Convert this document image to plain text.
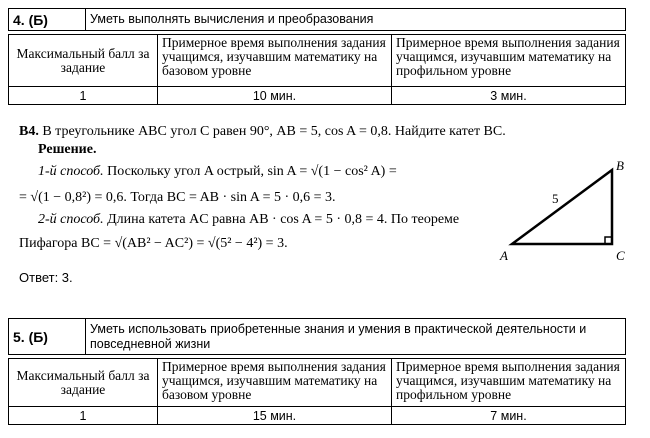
4. (Б)	Уметь выполнять вычисления и преобразования
Максимальный балл за задание	Примерное время выполнения задания учащимся, изучавшим математику на базовом уровне	Примерное время выполнения задания учащимся, изучавшим математику на профильном уровне
1	10 мин.	3 мин.
B4. В треугольнике ABC угол C равен 90°, AB = 5, cos A = 0,8. Найдите катет BC.
Решение.
1-й способ. Поскольку угол A острый, sin A = √(1 − cos² A) =
= √(1 − 0,8²) = 0,6. Тогда BC = AB · sin A = 5 · 0,6 = 3.
2-й способ. Длина катета AC равна AB · cos A = 5 · 0,8 = 4. По теореме
Пифагора BC = √(AB² − AC²) = √(5² − 4²) = 3.
Ответ: 3.
A
B
C
5
5. (Б)	Уметь использовать приобретенные знания и умения в практической деятельности и повседневной жизни
Максимальный балл за задание	Примерное время выполнения задания учащимся, изучавшим математику на базовом уровне	Примерное время выполнения задания учащимся, изучавшим математику на профильном уровне
1	15 мин.	7 мин.
